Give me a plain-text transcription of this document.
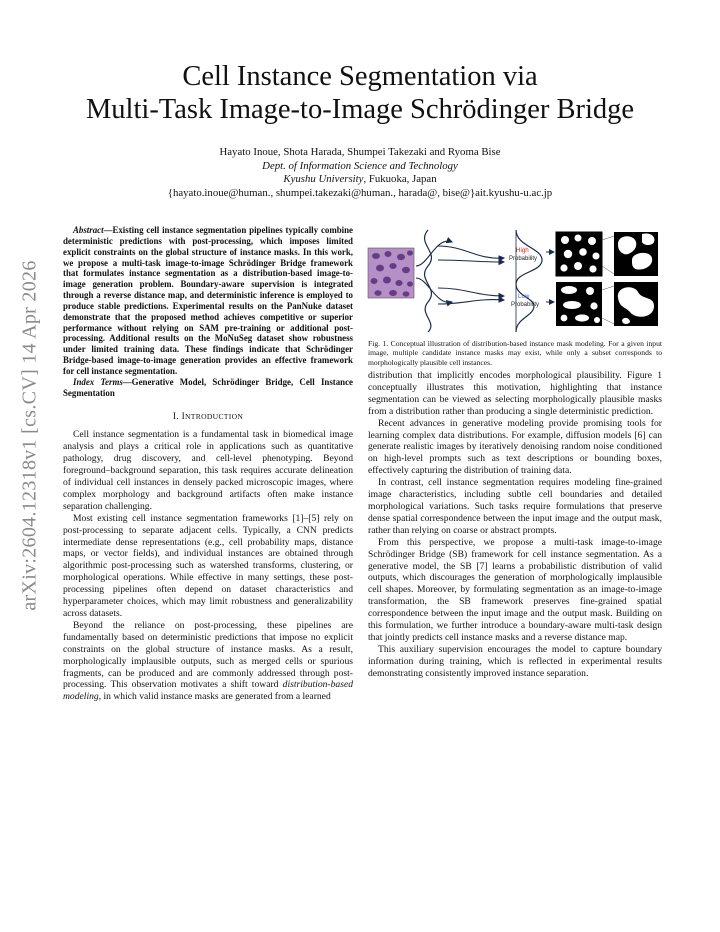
arXiv:2604.12318v1 [cs.CV] 14 Apr 2026
Cell Instance Segmentation via
Multi-Task Image-to-Image Schrödinger Bridge
Hayato Inoue, Shota Harada, Shumpei Takezaki and Ryoma Bise
Dept. of Information Science and Technology
Kyushu University, Fukuoka, Japan
{hayato.inoue@human., shumpei.takezaki@human., harada@, bise@}ait.kyushu-u.ac.jp

Abstract—Existing cell instance segmentation pipelines typically combine deterministic predictions with post-processing, which imposes limited explicit constraints on the global structure of instance masks. In this work, we propose a multi-task image-to-image Schrödinger Bridge framework that formulates instance segmentation as a distribution-based image-to-image generation problem. Boundary-aware supervision is integrated through a reverse distance map, and deterministic inference is employed to produce stable predictions. Experimental results on the PanNuke dataset demonstrate that the proposed method achieves competitive or superior performance without relying on SAM pre-training or additional post-processing. Additional results on the MoNuSeg dataset show robustness under limited training data. These findings indicate that Schrödinger Bridge-based image-to-image generation provides an effective framework for cell instance segmentation.

Index Terms—Generative Model, Schrödinger Bridge, Cell Instance Segmentation

I. INTRODUCTION

Cell instance segmentation is a fundamental task in biomedical image analysis and plays a critical role in applications such as quantitative pathology, drug discovery, and cell-level phenotyping. Beyond foreground–background separation, this task requires accurate delineation of individual cell instances in densely packed microscopic images, where complex morphology and background artifacts often make instance separation challenging.

Most existing cell instance segmentation frameworks [1]–[5] rely on post-processing to separate adjacent cells. Typically, a CNN predicts intermediate dense representations (e.g., cell probability maps, distance maps, or vector fields), and individual instances are obtained through algorithmic post-processing such as watershed transforms, clustering, or morphological operations. While effective in many settings, these post-processing pipelines often depend on dataset characteristics and hyperparameter choices, which may limit robustness and generalizability across datasets.

Beyond the reliance on post-processing, these pipelines are fundamentally based on deterministic predictions that impose no explicit constraints on the global structure of instance masks. As a result, morphologically implausible outputs, such as merged cells or spurious fragments, can be produced and are commonly addressed through post-processing. This observation motivates a shift toward distribution-based modeling, in which valid instance masks are generated from a learned

High
Probability
Low
Probability
Fig. 1. Conceptual illustration of distribution-based instance mask modeling. For a given input image, multiple candidate instance masks may exist, while only a subset corresponds to morphologically plausible cell instances.

distribution that implicitly encodes morphological plausibility. Figure 1 conceptually illustrates this motivation, highlighting that instance segmentation can be viewed as selecting morphologically plausible masks from a distribution rather than producing a single deterministic prediction.

Recent advances in generative modeling provide promising tools for learning complex data distributions. For example, diffusion models [6] can generate realistic images by iteratively denoising random noise conditioned on high-level prompts such as text descriptions or bounding boxes, effectively capturing the distribution of training data.

In contrast, cell instance segmentation requires modeling fine-grained image characteristics, including subtle cell boundaries and detailed morphological variations. Such tasks require formulations that preserve dense spatial correspondence between the input image and the output mask, rather than relying on coarse or abstract prompts.

From this perspective, we propose a multi-task image-to-image Schrödinger Bridge (SB) framework for cell instance segmentation. As a generative model, the SB [7] learns a probabilistic distribution of valid outputs, which discourages the generation of morphologically implausible cell shapes. Moreover, by formulating segmentation as an image-to-image transformation, the SB framework preserves fine-grained spatial correspondence between the input image and the output mask. Building on this formulation, we further introduce a boundary-aware multi-task design that jointly predicts cell instance masks and a reverse distance map.

This auxiliary supervision encourages the model to capture boundary information during training, which is reflected in experimental results demonstrating consistently improved instance separation.
